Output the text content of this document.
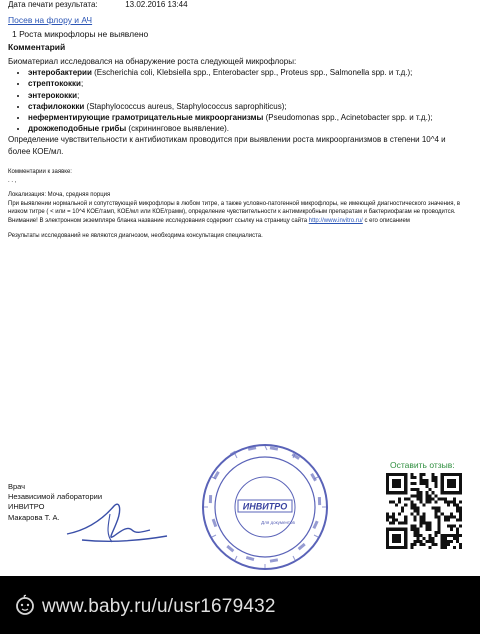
Дата печати результата:	13.02.2016 13:44
Посев на флору и АЧ
1 Роста микрофлоры не выявлено
Комментарий
Биоматериал исследовался на обнаружение роста следующей микрофлоры:
• энтеробактерии (Escherichia coli, Klebsiella spp., Enterobacter spp., Proteus spp., Salmonella spp. и т.д.);
• стрептококки;
• энтерококки;
• стафилококки (Staphylococcus aureus, Staphylococcus saprophiticus);
• неферментирующие грамотрицательные микроорганизмы (Pseudomonas spp., Acinetobacter spp. и т.д.);
• дрожжеподобные грибы (скрининговое выявление).
Определение чувствительности к антибиотикам проводится при выявлении роста микроорганизмов в степени 10^4 и более КОЕ/мл.

Комментарии к заявке:

. . ,

Локализация: Моча, средняя порция

При выявлении нормальной и сопутствующей микрофлоры в любом титре, а также условно-патогенной микрофлоры, не имеющей диагностического значения, в низком титре ( < или = 10^4 КОЕ/тамп, КОЕ/мл или КОЕ/грамм), определение чувствительности к антимикробным препаратам и бактериофагам не проводится.

Внимание! В электронном экземпляре бланка название исследования содержит ссылку на страницу сайта http://www.invitro.ru/ с его описанием

Результаты исследований не являются диагнозом, необходима консультация специалиста.

Врач
Независимой лаборатории
ИНВИТРО
Макарова Т. А.
ИНВИТРО
Для документов
Оставить отзыв:
www.baby.ru/u/usr1679432
